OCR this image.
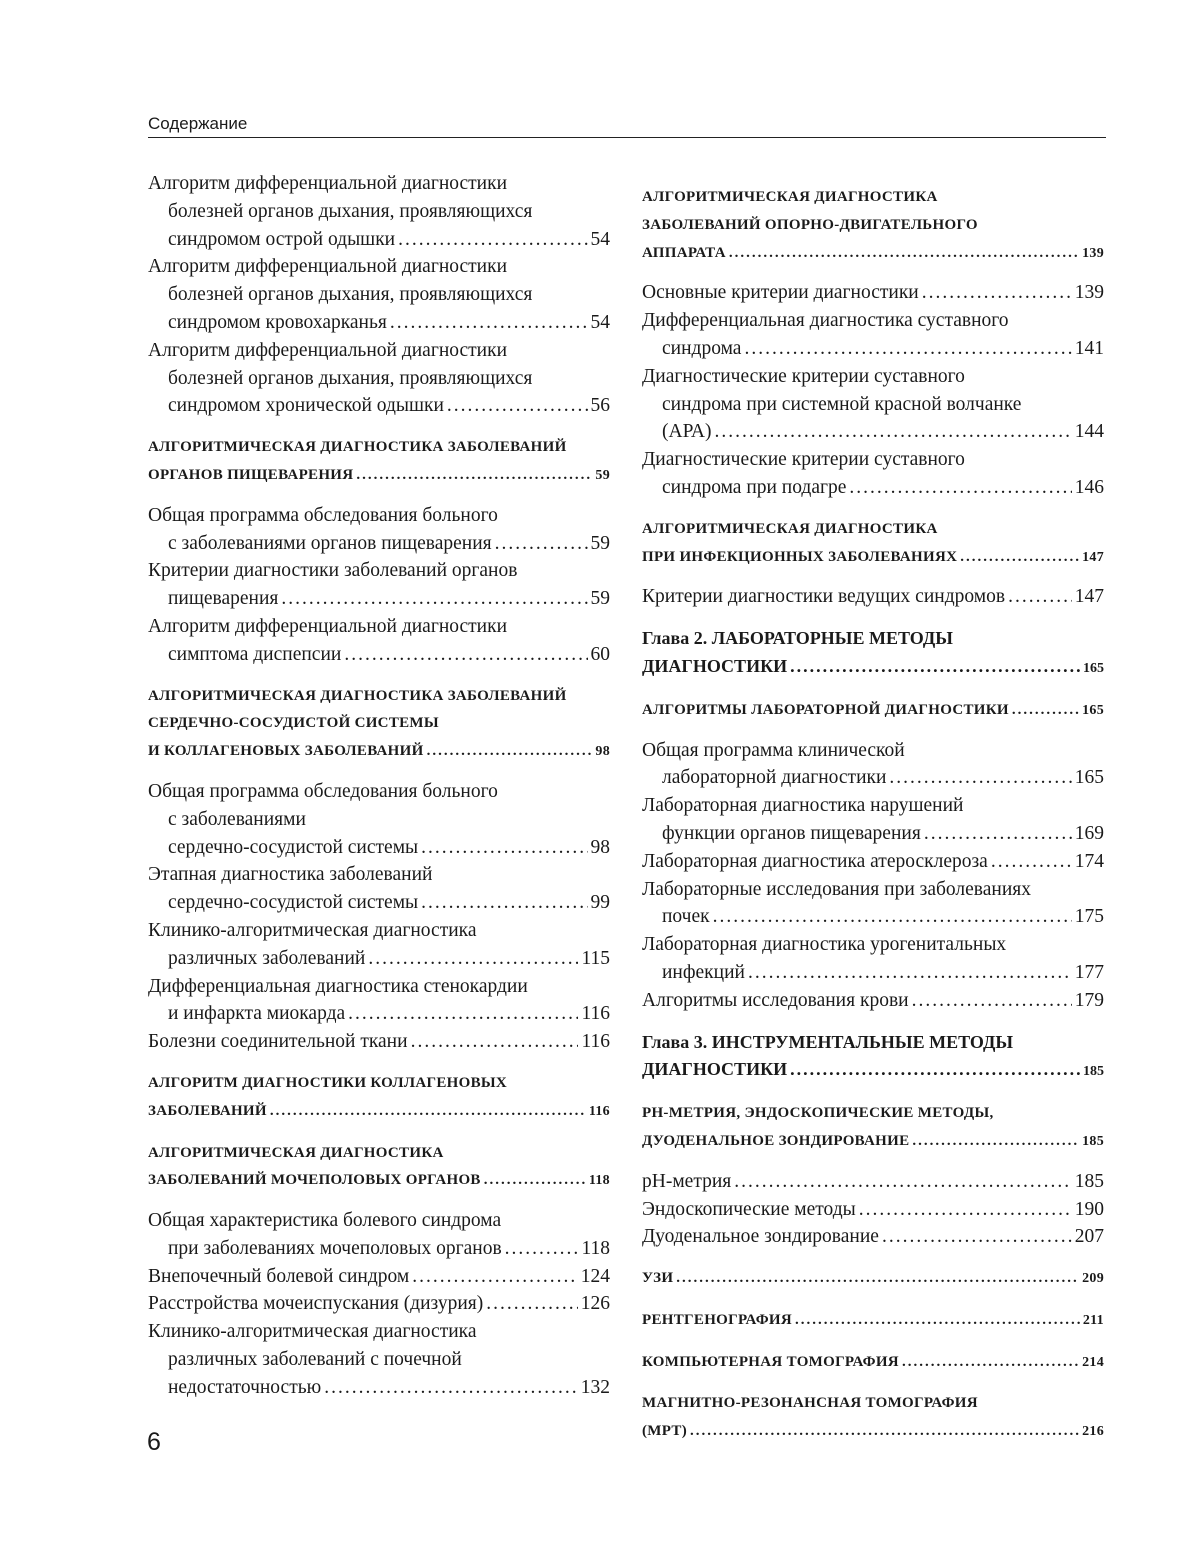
Содержание
Алгоритм дифференциальной диагностики
болезней органов дыхания, проявляющихся
синдромом острой одышки .....	54
Алгоритм дифференциальной диагностики
болезней органов дыхания, проявляющихся
синдромом кровохарканья .....	54
Алгоритм дифференциальной диагностики
болезней органов дыхания, проявляющихся
синдромом хронической одышки .....	56
АЛГОРИТМИЧЕСКАЯ ДИАГНОСТИКА ЗАБОЛЕВАНИЙ
ОРГАНОВ ПИЩЕВАРЕНИЯ .....	59
Общая программа обследования больного
с заболеваниями органов пищеварения .....	59
Критерии диагностики заболеваний органов
пищеварения .....	59
Алгоритм дифференциальной диагностики
симптома диспепсии .....	60
АЛГОРИТМИЧЕСКАЯ ДИАГНОСТИКА ЗАБОЛЕВАНИЙ
СЕРДЕЧНО-СОСУДИСТОЙ СИСТЕМЫ
И КОЛЛАГЕНОВЫХ ЗАБОЛЕВАНИЙ .....	98
Общая программа обследования больного
с заболеваниями
сердечно-сосудистой системы .....	98
Этапная диагностика заболеваний
сердечно-сосудистой системы .....	99
Клинико-алгоритмическая диагностика
различных заболеваний .....	115
Дифференциальная диагностика стенокардии
и инфаркта миокарда .....	116
Болезни соединительной ткани .....	116
АЛГОРИТМ ДИАГНОСТИКИ КОЛЛАГЕНОВЫХ
ЗАБОЛЕВАНИЙ .....	116
АЛГОРИТМИЧЕСКАЯ ДИАГНОСТИКА
ЗАБОЛЕВАНИЙ МОЧЕПОЛОВЫХ ОРГАНОВ .....	118
Общая характеристика болевого синдрома
при заболеваниях мочеполовых органов .....	118
Внепочечный болевой синдром .....	124
Расстройства мочеиспускания (дизурия) .....	126
Клинико-алгоритмическая диагностика
различных заболеваний с почечной
недостаточностью .....	132
АЛГОРИТМИЧЕСКАЯ ДИАГНОСТИКА
ЗАБОЛЕВАНИЙ ОПОРНО-ДВИГАТЕЛЬНОГО
АППАРАТА .....	139
Основные критерии диагностики .....	139
Дифференциальная диагностика суставного
синдрома .....	141
Диагностические критерии суставного
синдрома при системной красной волчанке
(АРА) .....	144
Диагностические критерии суставного
синдрома при подагре .....	146
АЛГОРИТМИЧЕСКАЯ ДИАГНОСТИКА
ПРИ ИНФЕКЦИОННЫХ ЗАБОЛЕВАНИЯХ .....	147
Критерии диагностики ведущих синдромов .....	147
Глава 2. ЛАБОРАТОРНЫЕ МЕТОДЫ
ДИАГНОСТИКИ .....	165
АЛГОРИТМЫ ЛАБОРАТОРНОЙ ДИАГНОСТИКИ .....	165
Общая программа клинической
лабораторной диагностики .....	165
Лабораторная диагностика нарушений
функции органов пищеварения .....	169
Лабораторная диагностика атеросклероза .....	174
Лабораторные исследования при заболеваниях
почек .....	175
Лабораторная диагностика урогенитальных
инфекций .....	177
Алгоритмы исследования крови .....	179
Глава 3. ИНСТРУМЕНТАЛЬНЫЕ МЕТОДЫ
ДИАГНОСТИКИ .....	185
PH-МЕТРИЯ, ЭНДОСКОПИЧЕСКИЕ МЕТОДЫ,
ДУОДЕНАЛЬНОЕ ЗОНДИРОВАНИЕ .....	185
pH-метрия .....	185
Эндоскопические методы .....	190
Дуоденальное зондирование .....	207
УЗИ .....	209
РЕНТГЕНОГРАФИЯ .....	211
КОМПЬЮТЕРНАЯ ТОМОГРАФИЯ .....	214
МАГНИТНО-РЕЗОНАНСНАЯ ТОМОГРАФИЯ
(МРТ) .....	216
6
